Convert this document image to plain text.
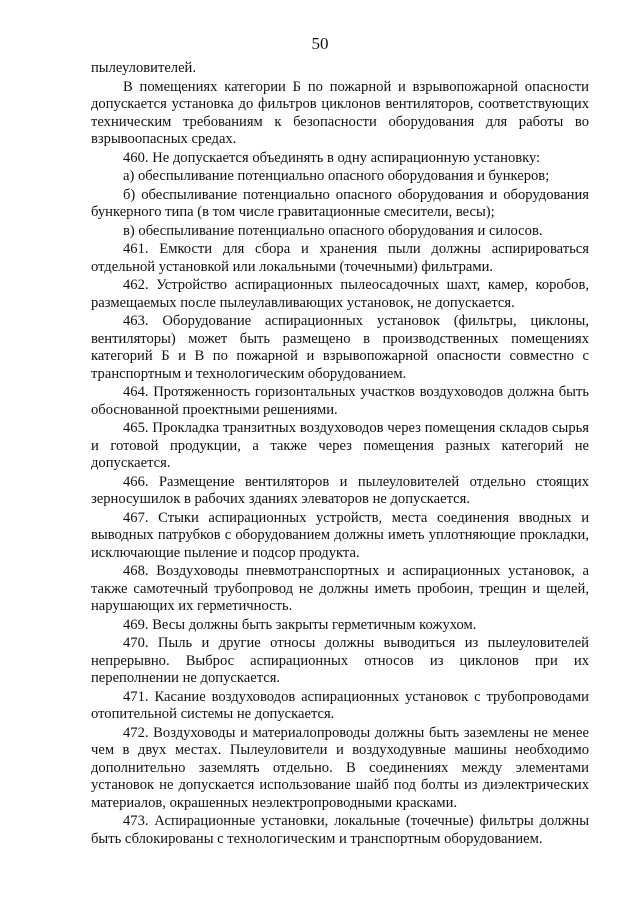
50

пылеуловителей.

В помещениях категории Б по пожарной и взрывопожарной опасности допускается установка до фильтров циклонов вентиляторов, соответствующих техническим требованиям к безопасности оборудования для работы во взрывоопасных средах.

460. Не допускается объединять в одну аспирационную установку:

а) обеспыливание потенциально опасного оборудования и бункеров;

б) обеспыливание потенциально опасного оборудования и оборудования бункерного типа (в том числе гравитационные смесители, весы);

в) обеспыливание потенциально опасного оборудования и силосов.

461. Емкости для сбора и хранения пыли должны аспирироваться отдельной установкой или локальными (точечными) фильтрами.

462. Устройство аспирационных пылеосадочных шахт, камер, коробов, размещаемых после пылеулавливающих установок, не допускается.

463. Оборудование аспирационных установок (фильтры, циклоны, вентиляторы) может быть размещено в производственных помещениях категорий Б и В по пожарной и взрывопожарной опасности совместно с транспортным и технологическим оборудованием.

464. Протяженность горизонтальных участков воздуховодов должна быть обоснованной проектными решениями.

465. Прокладка транзитных воздуховодов через помещения складов сырья и готовой продукции, а также через помещения разных категорий не допускается.

466. Размещение вентиляторов и пылеуловителей отдельно стоящих зерносушилок в рабочих зданиях элеваторов не допускается.

467. Стыки аспирационных устройств, места соединения вводных и выводных патрубков с оборудованием должны иметь уплотняющие прокладки, исключающие пыление и подсор продукта.

468. Воздуховоды пневмотранспортных и аспирационных установок, а также самотечный трубопровод не должны иметь пробоин, трещин и щелей, нарушающих их герметичность.

469. Весы должны быть закрыты герметичным кожухом.

470. Пыль и другие относы должны выводиться из пылеуловителей непрерывно. Выброс аспирационных относов из циклонов при их переполнении не допускается.

471. Касание воздуховодов аспирационных установок с трубопроводами отопительной системы не допускается.

472. Воздуховоды и материалопроводы должны быть заземлены не менее чем в двух местах. Пылеуловители и воздуходувные машины необходимо дополнительно заземлять отдельно. В соединениях между элементами установок не допускается использование шайб под болты из диэлектрических материалов, окрашенных неэлектропроводными красками.

473. Аспирационные установки, локальные (точечные) фильтры должны быть сблокированы с технологическим и транспортным оборудованием.
